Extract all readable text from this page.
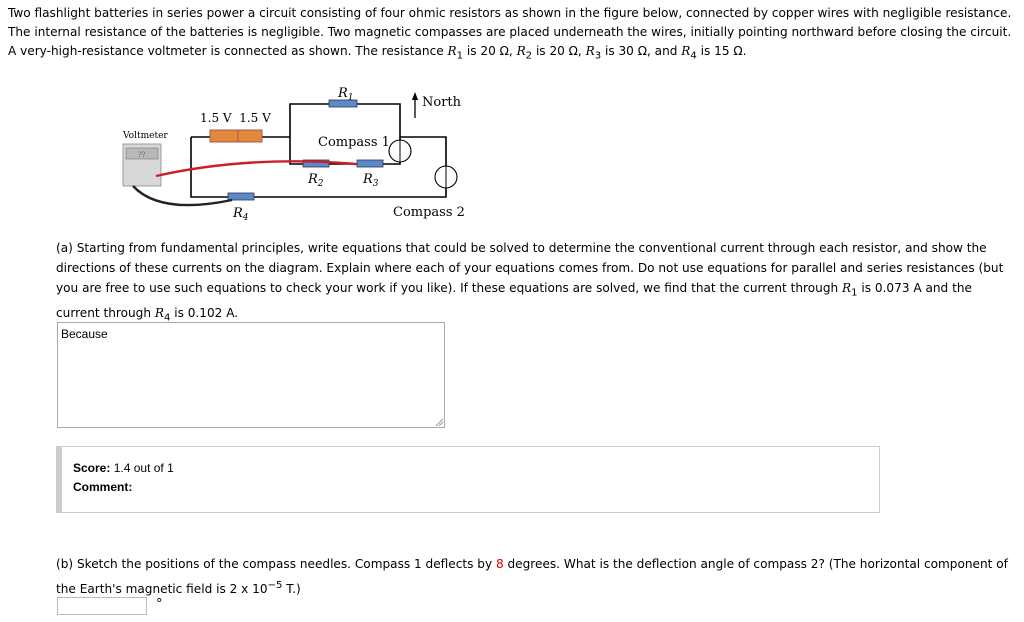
Two flashlight batteries in series power a circuit consisting of four ohmic resistors as shown in the figure below, connected by copper wires with negligible resistance. The internal resistance of the batteries is negligible. Two magnetic compasses are placed underneath the wires, initially pointing northward before closing the circuit. A very-high-resistance voltmeter is connected as shown. The resistance $R_1$ is 20 Ω, $R_2$ is 20 Ω, $R_3$ is 30 Ω, and $R_4$ is 15 Ω.
North
1.5 V  1.5 V
$R_1$
$R_2$	$R_3$
$R_4$
Compass 1
Compass 2
Voltmeter
??
(a) Starting from fundamental principles, write equations that could be solved to determine the conventional current through each resistor, and show the directions of these currents on the diagram. Explain where each of your equations comes from. Do not use equations for parallel and series resistances (but you are free to use such equations to check your work if you like). If these equations are solved, we find that the current through $R_1$ is 0.073 A and the current through $R_4$ is 0.102 A.
Because
Score: 1.4 out of 1
Comment:
(b) Sketch the positions of the compass needles. Compass 1 deflects by 8 degrees. What is the deflection angle of compass 2? (The horizontal component of the Earth's magnetic field is 2 x $10^{-5}$ T.)
°
